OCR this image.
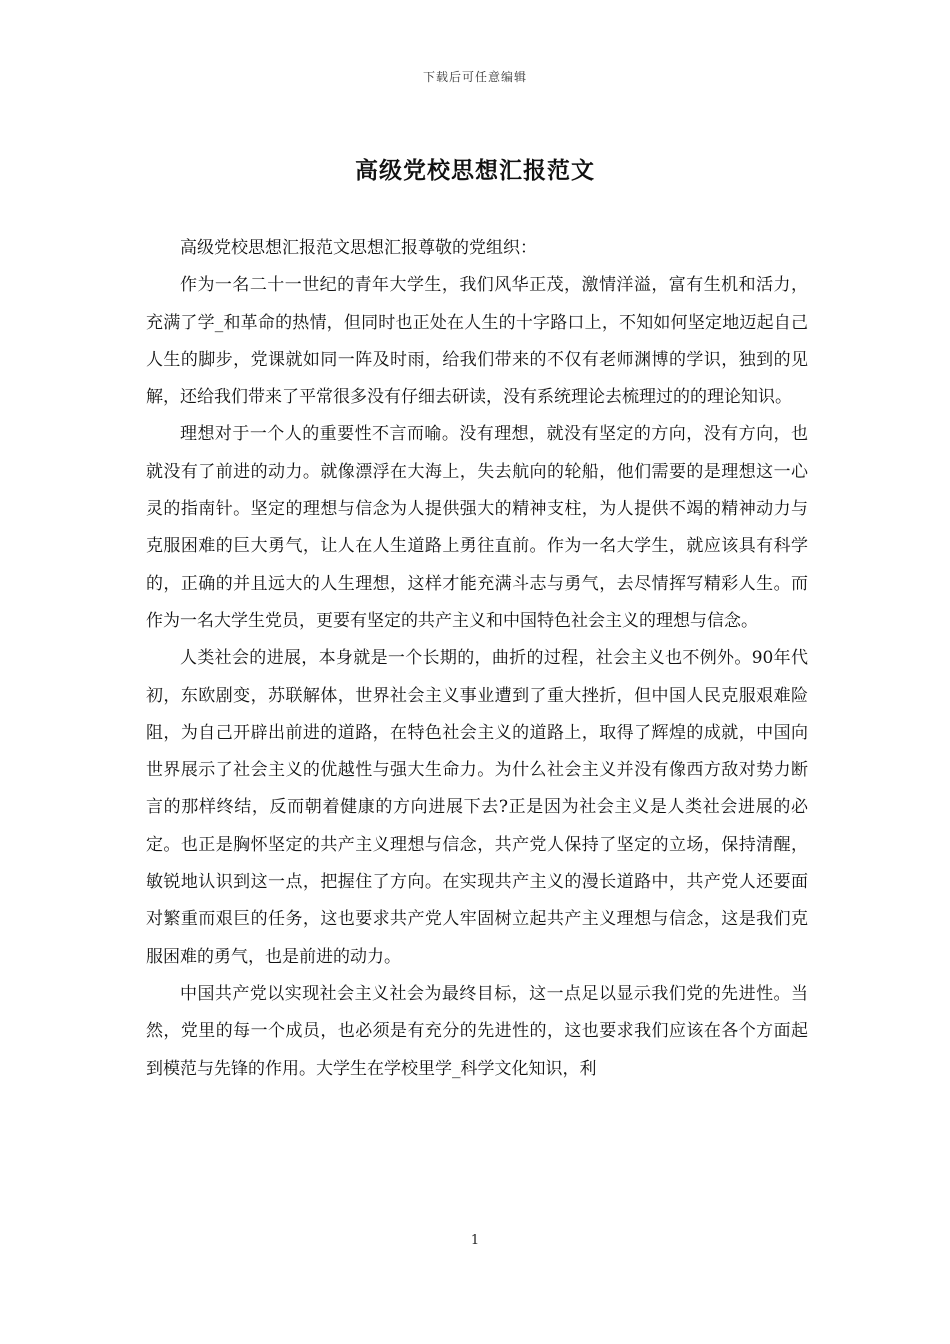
下载后可任意编辑
高级党校思想汇报范文

高级党校思想汇报范文思想汇报尊敬的党组织：

作为一名二十一世纪的青年大学生，我们风华正茂，激情洋溢，富有生机和活力，充满了学_和革命的热情，但同时也正处在人生的十字路口上，不知如何坚定地迈起自己人生的脚步，党课就如同一阵及时雨，给我们带来的不仅有老师渊博的学识，独到的见解，还给我们带来了平常很多没有仔细去研读，没有系统理论去梳理过的的理论知识。

理想对于一个人的重要性不言而喻。没有理想，就没有坚定的方向，没有方向，也就没有了前进的动力。就像漂浮在大海上，失去航向的轮船，他们需要的是理想这一心灵的指南针。坚定的理想与信念为人提供强大的精神支柱，为人提供不竭的精神动力与克服困难的巨大勇气，让人在人生道路上勇往直前。作为一名大学生，就应该具有科学的，正确的并且远大的人生理想，这样才能充满斗志与勇气，去尽情挥写精彩人生。而作为一名大学生党员，更要有坚定的共产主义和中国特色社会主义的理想与信念。

人类社会的进展，本身就是一个长期的，曲折的过程，社会主义也不例外。90年代初，东欧剧变，苏联解体，世界社会主义事业遭到了重大挫折，但中国人民克服艰难险阻，为自己开辟出前进的道路，在特色社会主义的道路上，取得了辉煌的成就，中国向世界展示了社会主义的优越性与强大生命力。为什么社会主义并没有像西方敌对势力断言的那样终结，反而朝着健康的方向进展下去?正是因为社会主义是人类社会进展的必定。也正是胸怀坚定的共产主义理想与信念，共产党人保持了坚定的立场，保持清醒，敏锐地认识到这一点，把握住了方向。在实现共产主义的漫长道路中，共产党人还要面对繁重而艰巨的任务，这也要求共产党人牢固树立起共产主义理想与信念，这是我们克服困难的勇气，也是前进的动力。

中国共产党以实现社会主义社会为最终目标，这一点足以显示我们党的先进性。当然，党里的每一个成员，也必须是有充分的先进性的，这也要求我们应该在各个方面起到模范与先锋的作用。大学生在学校里学_科学文化知识，利

1
